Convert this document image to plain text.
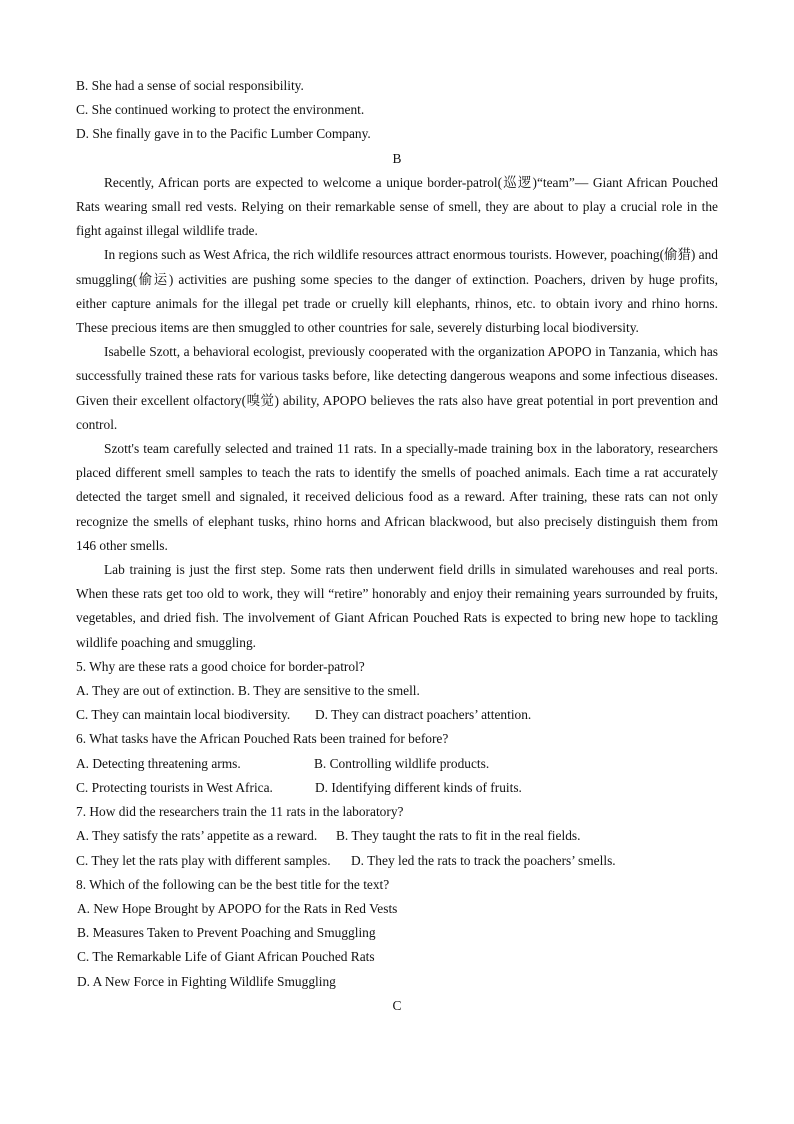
B. She had a sense of social responsibility.
C. She continued working to protect the environment.
D. She finally gave in to the Pacific Lumber Company.

B

Recently, African ports are expected to welcome a unique border-patrol(巡逻)“team”— Giant African Pouched Rats wearing small red vests. Relying on their remarkable sense of smell, they are about to play a crucial role in the fight against illegal wildlife trade.

In regions such as West Africa, the rich wildlife resources attract enormous tourists. However, poaching(偷猎) and smuggling(偷运) activities are pushing some species to the danger of extinction. Poachers, driven by huge profits, either capture animals for the illegal pet trade or cruelly kill elephants, rhinos, etc. to obtain ivory and rhino horns. These precious items are then smuggled to other countries for sale, severely disturbing local biodiversity.

Isabelle Szott, a behavioral ecologist, previously cooperated with the organization APOPO in Tanzania, which has successfully trained these rats for various tasks before, like detecting dangerous weapons and some infectious diseases. Given their excellent olfactory(嗅觉) ability, APOPO believes the rats also have great potential in port prevention and control.

Szott's team carefully selected and trained 11 rats. In a specially-made training box in the laboratory, researchers placed different smell samples to teach the rats to identify the smells of poached animals. Each time a rat accurately detected the target smell and signaled, it received delicious food as a reward. After training, these rats can not only recognize the smells of elephant tusks, rhino horns and African blackwood, but also precisely distinguish them from 146 other smells.

Lab training is just the first step. Some rats then underwent field drills in simulated warehouses and real ports. When these rats get too old to work, they will “retire” honorably and enjoy their remaining years surrounded by fruits, vegetables, and dried fish. The involvement of Giant African Pouched Rats is expected to bring new hope to tackling wildlife poaching and smuggling.

5. Why are these rats a good choice for border-patrol?
A. They are out of extinction. B. They are sensitive to the smell.
C. They can maintain local biodiversity.	D. They can distract poachers’ attention.
6. What tasks have the African Pouched Rats been trained for before?
A. Detecting threatening arms.	B. Controlling wildlife products.
C. Protecting tourists in West Africa.	D. Identifying different kinds of fruits.
7. How did the researchers train the 11 rats in the laboratory?
A. They satisfy the rats’ appetite as a reward.	B. They taught the rats to fit in the real fields.
C. They let the rats play with different samples.	D. They led the rats to track the poachers’ smells.
8. Which of the following can be the best title for the text?
A. New Hope Brought by APOPO for the Rats in Red Vests
B. Measures Taken to Prevent Poaching and Smuggling
C. The Remarkable Life of Giant African Pouched Rats
D. A New Force in Fighting Wildlife Smuggling

C
